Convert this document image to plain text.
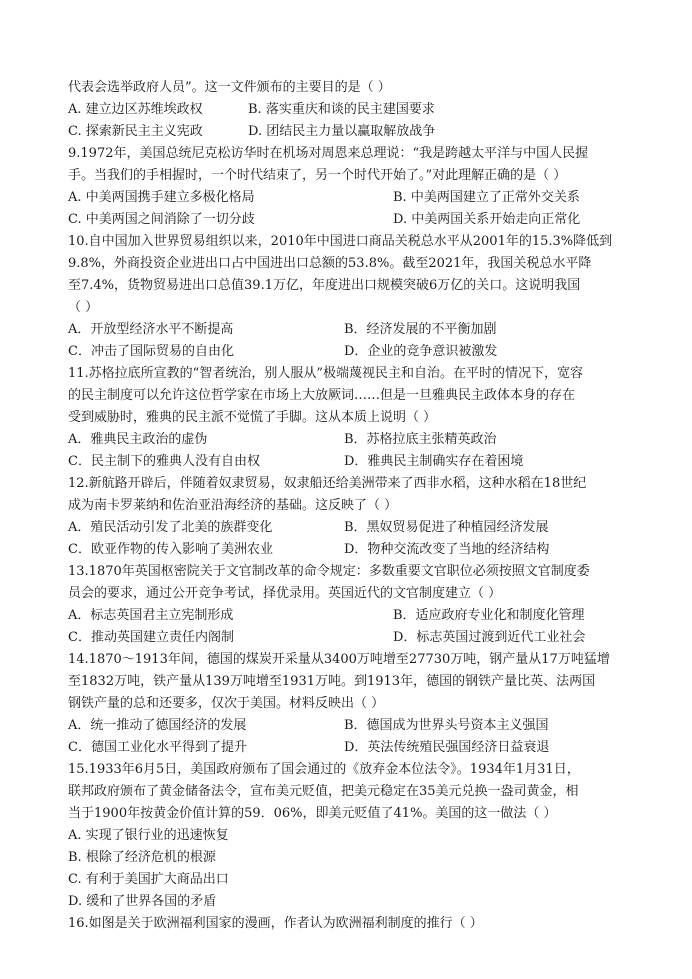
代表会选举政府人员”。这一文件颁布的主要目的是（ ）
A. 建立边区苏维埃政权	B. 落实重庆和谈的民主建国要求
C. 探索新民主主义宪政	D. 团结民主力量以赢取解放战争
9.1972年，美国总统尼克松访华时在机场对周恩来总理说：“我是跨越太平洋与中国人民握
手。当我们的手相握时，一个时代结束了，另一个时代开始了。”对此理解正确的是（ ）
A. 中美两国携手建立多极化格局	B. 中美两国建立了正常外交关系
C. 中美两国之间消除了一切分歧	D. 中美两国关系开始走向正常化
10.自中国加入世界贸易组织以来，2010年中国进口商品关税总水平从2001年的15.3%降低到
9.8%，外商投资企业进出口占中国进出口总额的53.8%。截至2021年，我国关税总水平降
至7.4%，货物贸易进出口总值39.1万亿，年度进出口规模突破6万亿的关口。这说明我国
（ ）
A．开放型经济水平不断提高	B．经济发展的不平衡加剧
C．冲击了国际贸易的自由化	D．企业的竞争意识被激发
11.苏格拉底所宣教的“智者统治，别人服从”极端蔑视民主和自治。在平时的情况下，宽容
的民主制度可以允许这位哲学家在市场上大放厥词……但是一旦雅典民主政体本身的存在
受到威胁时，雅典的民主派不觉慌了手脚。这从本质上说明（ ）
A．雅典民主政治的虚伪	B．苏格拉底主张精英政治
C．民主制下的雅典人没有自由权	D．雅典民主制确实存在着困境
12.新航路开辟后，伴随着奴隶贸易，奴隶船还给美洲带来了西非水稻，这种水稻在18世纪
成为南卡罗莱纳和佐治亚沿海经济的基础。这反映了（ ）
A．殖民活动引发了北美的族群变化	B．黑奴贸易促进了种植园经济发展
C．欧亚作物的传入影响了美洲农业	D．物种交流改变了当地的经济结构
13.1870年英国枢密院关于文官制改革的命令规定：多数重要文官职位必须按照文官制度委
员会的要求，通过公开竞争考试，择优录用。英国近代的文官制度建立（ ）
A．标志英国君主立宪制形成	B．适应政府专业化和制度化管理
C．推动英国建立责任内阁制	D．标志英国过渡到近代工业社会
14.1870～1913年间，德国的煤炭开采量从3400万吨增至27730万吨，钢产量从17万吨猛增
至1832万吨，铁产量从139万吨增至1931万吨。到1913年，德国的钢铁产量比英、法两国
钢铁产量的总和还要多，仅次于美国。材料反映出（ ）
A．统一推动了德国经济的发展	B．德国成为世界头号资本主义强国
C．德国工业化水平得到了提升	D．英法传统殖民强国经济日益衰退
15.1933年6月5日，美国政府颁布了国会通过的《放弃金本位法令》。1934年1月31日，
联邦政府颁布了黄金储备法令，宣布美元贬值，把美元稳定在35美元兑换一盎司黄金，相
当于1900年按黄金价值计算的59．06%，即美元贬值了41%。美国的这一做法（ ）
A. 实现了银行业的迅速恢复
B. 根除了经济危机的根源
C. 有利于美国扩大商品出口
D. 缓和了世界各国的矛盾
16.如图是关于欧洲福利国家的漫画，作者认为欧洲福利制度的推行（ ）
